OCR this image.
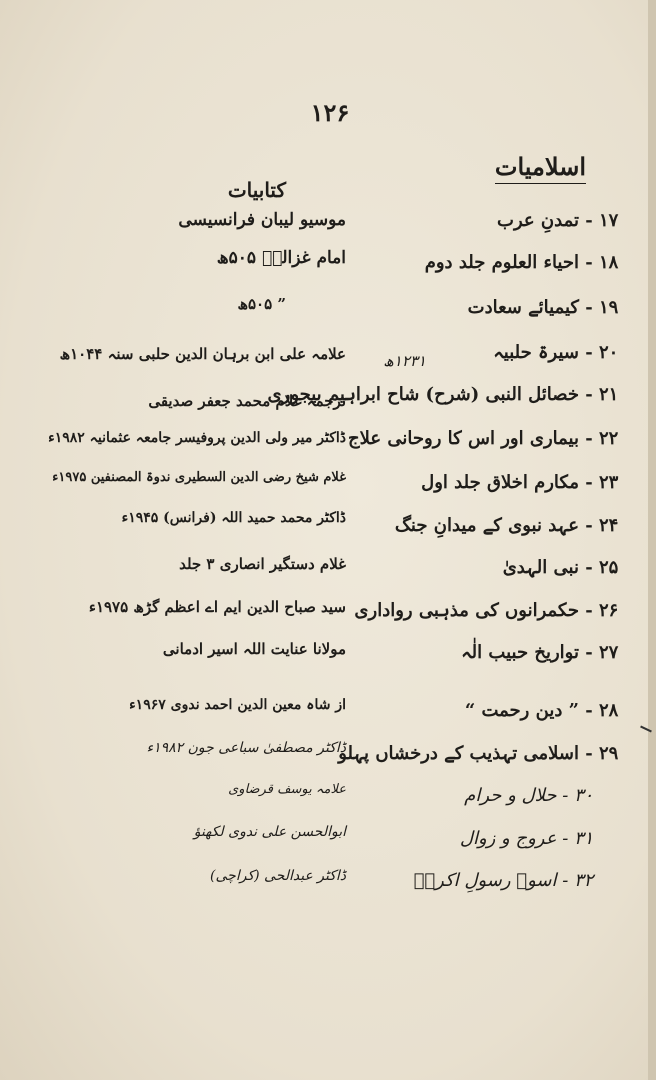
۱۲۶
اسلامیات
۱۲۳۱ھ
۱۷ - تمدنِ عرب
۱۸ - احیاء العلوم جلد دوم
۱۹ - کیمیائے سعادت
۲۰ - سیرۃ حلبیہ
۲۱ - خصائل النبی (شرح) شاح ابراہیم بیجوری
۲۲ - بیماری اور اس کا روحانی علاج
۲۳ - مکارم اخلاق جلد اول
۲۴ - عہد نبوی کے میدانِ جنگ
۲۵ - نبی الہدیٰ
۲۶ - حکمرانوں کی مذہبی رواداری
۲۷ - تواریخ حبیب الٰہ
۲۸ - ” دین رحمت “
۲۹ - اسلامی تہذیب کے درخشاں پہلو
۳۰ - حلال و حرام
۳۱ - عروج و زوال
۳۲ - اسوۂ رسولِ اکرمؐ
کتابیات
موسیو لیبان فرانسیسی
امام غزالیؒ ۵۰۵ھ
” ۵۰۵ھ
علامہ علی ابن برہان الدین حلبی سنہ ۱۰۴۴ھ
ترجمہ غلام محمد جعفر صدیقی
ڈاکٹر میر ولی الدین پروفیسر جامعہ عثمانیہ ۱۹۸۲ء
غلام شیخ رضی الدین السطیری ندوۃ المصنفین ۱۹۷۵ء
ڈاکٹر محمد حمید اللہ (فرانس) ۱۹۴۵ء
غلام دستگیر انصاری ۳ جلد
سید صباح الدین ایم اے اعظم گڑھ ۱۹۷۵ء
مولانا عنایت اللہ اسیر ادمانی
از شاہ معین الدین احمد ندوی ۱۹۶۷ء
ڈاکٹر مصطفیٰ سباعی جون ۱۹۸۲ء
علامہ یوسف قرضاوی
ابوالحسن علی ندوی لکھنؤ
ڈاکٹر عبدالحی (کراچی)
